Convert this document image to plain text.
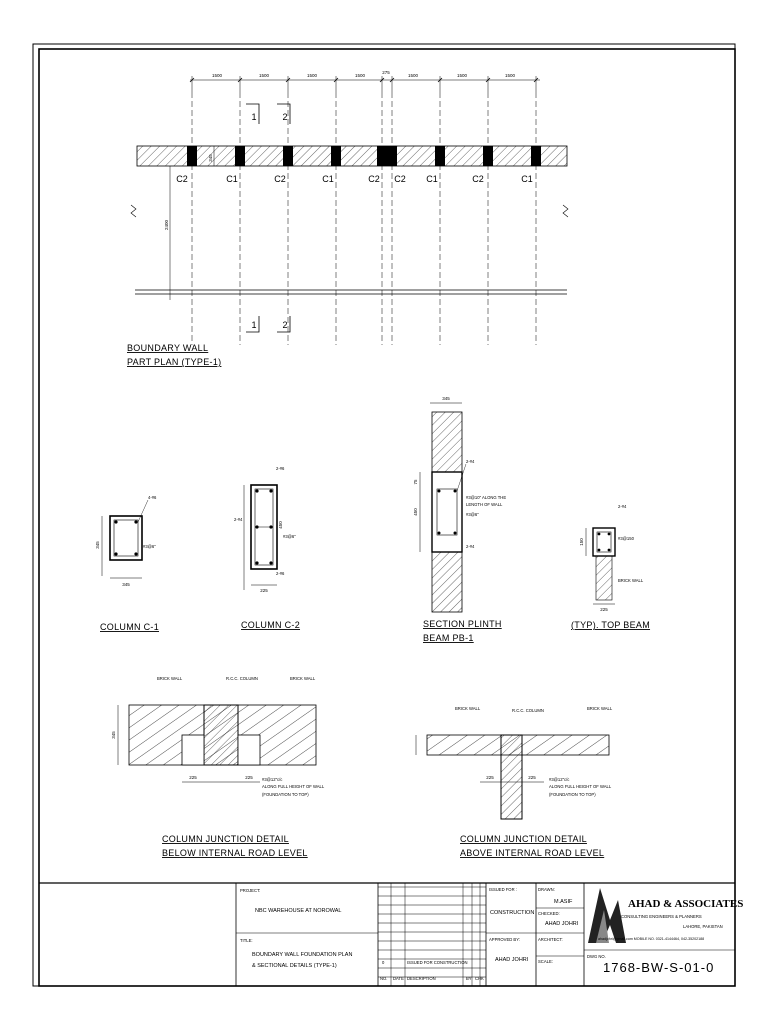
1500	1500	1500	1500
275
1500	1500	1500
C2	C1	C2	C1	C2 C2 C1	C2	C1
1	2
1	2
345
2400
BOUNDARY WALL
PART PLAN (TYPE-1)
345
345
4-#6
#3@6"
COLUMN C-1
2-#6
2-#4
2-#6
#3@6"
450
225
COLUMN C-2
345
450
75
2-#4
#3@10" ALONG THE
LENGTH OF WALL
#3@6"
2-#4
SECTION PLINTH
BEAM PB-1
150
225
2-#4
#3@150
BRICK WALL
(TYP). TOP BEAM
345
225	225
BRICK WALL	R.C.C. COLUMN	BRICK WALL
#3@12"c/c
ALONG FULL HEIGHT OF WALL
(FOUNDATION TO TOP)
COLUMN JUNCTION DETAIL
BELOW INTERNAL ROAD LEVEL
225	225
BRICK WALL	R.C.C. COLUMN	BRICK WALL
#3@12"c/c
ALONG FULL HEIGHT OF WALL
(FOUNDATION TO TOP)
COLUMN JUNCTION DETAIL
ABOVE INTERNAL ROAD LEVEL
0	ISSUED FOR CONSTRUCTION
NO. DATE DESCRIPTION	BY CHK
PROJECT:
NBC WAREHOUSE AT NOROWAL
TITLE:
BOUNDARY WALL FOUNDATION PLAN
& SECTIONAL DETAILS (TYPE-1)
ISSUED FOR :
CONSTRUCTION
APPROVED BY:
AHAD JOHRI
DRAWN:
M.ASIF
CHECKED:
AHAD JOHRI
ARCHITECT:
SCALE:
AHAD & ASSOCIATES
CONSULTING ENGINEERS & PLANNERS
LAHORE, PAKISTAN
ahadjohri@gmail.com MOBILE NO. 0321-4144464, 042-35202188
DWG NO.
1768-BW-S-01-0
